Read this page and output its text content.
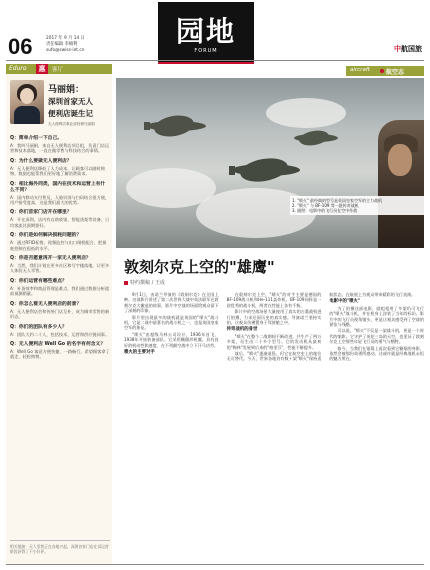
06	2017 年 9 月 14 日
责任编辑 李楠利
sufo@swiss-int.cn
园地
FORUM	中航国旅
Eduro	惠	客厅
马丽娟：
深圳首家无人
便利店诞生记
无人便利店事业部经理马丽娟
Q：简单介绍一下自己。
A：我叫马丽娟，来自无人便利店项目组，负责门店运营和技术落地，一直在做零售与科技结合的事情。
Q：为什么要做无人便利店？
A：无人便利店降低了人力成本，让顾客可以随时购物，数据也能帮我们更好地了解消费需求。
Q：相比海外同类，国内在技术和运营上有什么不同？
A：国内移动支付普及，人脸识别与扫码结合很方便，用户接受度高，这是我们最大的优势。
Q：你们首家门店开在哪里？
A：开在深圳，店内有自助收银、智能货架等设备，日均客流比预期要好。
Q：你们是如何解决损耗问题的？
A：通过RFID标签、视频监控与出口闸机配合，把损耗控制在很低的水平。
Q：你是否愿意再开一家无人便利店？
A：当然，我们计划在更多社区和写字楼落地，让更多人体验无人零售。
Q：你们运营有哪些难点？
A：补货效率和商品管理是难点，我们通过数据分析提前预测销量。
Q：你怎么看无人便利店的前景？
A：无人便利店会和传统门店互补，成为城市零售的新形态。
Q：你们的团队有多少人？
A：团队大约二十人，包括技术、运营和供应链同事。
Q：无人便利店 Well Go 的名字有何含义？
A：Well Go 寓意方便快捷、一路畅行，希望顾客拿了就走、轻松购物。
相关链接：无人零售正在各地兴起，深圳首家门店在试运营阶段获得了不少好评。
aircraft	航空志
1. "喷火" 最经典的型号是英国皇家空军的主力战机
2. "喷火" 与 BF-109 等一批传奇战机
3. 剧照：电影中的飞行员在空中作战
敦刻尔克上空的"雄鹰"
特约撰稿 / 王成

9月1日，由诺兰导演的《敦刻尔克》在全国上映。这部影片讲述了第二次世界大战中英法联军在敦刻尔克大撤退的故事，影片中空战的场面给观众留下了深刻的印象。

影片里出现最多的战机就是英国的"喷火"战斗机，它是二战中最著名的战斗机之一，也是英国皇家空军的象征。

"喷火"由超级马林公司设计，1936年首飞，1938年开始装备部队。它采用椭圆形机翼，具有良好的机动性和速度，在不列颠空战中立下汗马功劳。

喷火的主要对手

在敦刻尔克上空，"喷火"的对手主要是德国的BF-109战斗机和He-111轰炸机。BF-109同样是一款优秀的战斗机，两者在性能上各有千秋。

影片中的空战场景大量使用了真实的古董战机进行拍摄，力求还原历史的真实感。导演诺兰坚持实拍，让观众仿佛置身于驾驶舱之中。

传奇战机的身世

"喷火"在整个二战期间不断改进，共生产了两万多架，衍生出二十多个型号。它的发动机从最初的"梅林"发展到后来的"格里芬"，性能不断提升。

战后，"喷火"逐渐退役，但它在航空史上的地位无可替代。今天，世界各地仍有数十架"喷火"保持适航状态，在航展上为观众带来精彩的飞行表演。

电影中的"喷火"

为了拍摄这部电影，剧组租用了多架仍可飞行的"喷火"战斗机，并在机身上涂装了当年的标识。影片中的飞行员视角镜头，更是让观众感受到了空战的紧张与残酷。

可以说，"喷火"不仅是一架战斗机，更是一个时代的缩影。它守护了英伦三岛的天空，也见证了敦刻尔克上空那些年轻飞行员的勇气与牺牲。

如今，当我们在银幕上再次看到它翱翔的身影，依然会被那份英勇所感动。这或许就是经典战机永恒的魅力所在。
